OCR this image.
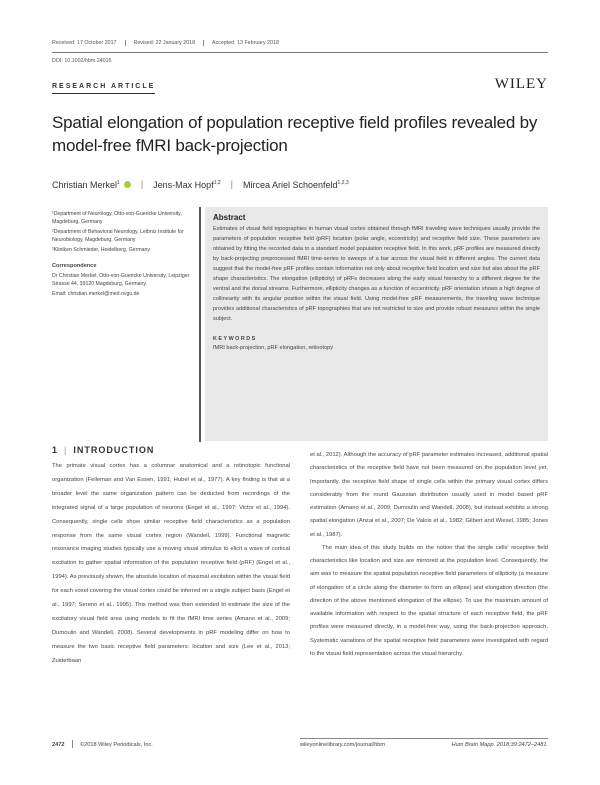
Received: 17 October 2017	Revised: 22 January 2018	Accepted: 13 February 2018
DOI: 10.1002/hbm.24015
RESEARCH ARTICLE	WILEY
Spatial elongation of population receptive field profiles revealed by model-free fMRI back-projection
Christian Merkel$^1$ | Jens-Max Hopf$^{1,2}$ | Mircea Ariel Schoenfeld$^{1,2,3}$

¹Department of Neurology, Otto-von-Guericke University, Magdeburg, Germany

²Department of Behavioral Neurology, Leibniz Institute for Neurobiology, Magdeburg, Germany

³Kliniken Schmieder, Heidelberg, Germany

Correspondence

Dr Christian Merkel, Otto-von-Guericke University, Leipziger Strasse 44, 39120 Magdeburg, Germany.

Email: christian.merkel@med.ovgu.de

Abstract

Estimates of visual field topographies in human visual cortex obtained through fMRI traveling wave techniques usually provide the parameters of population receptive field (pRF) location (polar angle, eccentricity) and receptive field size. These parameters are obtained by fitting the recorded data to a standard model population receptive field. In this work, pRF profiles are measured directly by back-projecting preprocessed fMRI time-series to sweeps of a bar across the visual field in different angles. The current data suggest that the model-free pRF profiles contain information not only about receptive field location and size but also about the pRF shape characteristics. The elongation (ellipticity) of pRFs decreases along the early visual hierarchy to a different degree for the ventral and the dorsal streams. Furthermore, ellipticity changes as a function of eccentricity. pRF orientation shows a high degree of collinearity with its angular position within the visual field. Using model-free pRF measurements, the traveling wave technique provides additional characteristics of pRF topographies that are not restricted to size and provide robust measures within the single subject.

KEYWORDS

fMRI back-projection, pRF elongation, retinotopy

1 | INTRODUCTION

The primate visual cortex has a columnar anatomical and a retinotopic functional organization (Felleman and Van Essen, 1991; Hubel et al., 1977). A key finding is that at a broader level the same organization pattern can be deducted from recordings of the integrated signal of a large population of neurons (Engel et al., 1997; Victor et al., 1994). Consequently, single cells show similar receptive field characteristics as a population response from the same visual cortex region (Wandell, 1999). Functional magnetic resonance imaging studies typically use a moving visual stimulus to elicit a wave of cortical excitation to gather spatial information of the population receptive field (pRF) (Engel et al., 1994). As previously shown, the absolute location of maximal excitation within the visual field for each voxel covering the visual cortex could be inferred on a single subject basis (Engel et al., 1997; Sereno et al., 1995). This method was then extended to estimate the size of the excitatory visual field area using models to fit the fMRI time series (Amano et al., 2009; Dumoulin and Wandell, 2008). Several developments in pRF modeling differ on how to measure the two basic receptive field parameters: location and size (Lee et al., 2013; Zuiderbaan

et al., 2012). Although the accuracy of pRF parameter estimates increased, additional spatial characteristics of the receptive field have not been measured on the population level yet. Importantly, the receptive field shape of single cells within the primary visual cortex differs considerably from the round Gaussian distribution usually used in model based pRF estimation (Amano et al., 2009; Dumoulin and Wandell, 2008), but instead exhibits a strong spatial elongation (Anzai et al., 2007; De Valois et al., 1982; Gilbert and Wiesel, 1985; Jones et al., 1987).

The main idea of this study builds on the notion that the single cells' receptive field characteristics like location and size are mirrored at the population level. Consequently, the aim was to measure the spatial population receptive field parameters of ellipticity (a measure of elongation of a circle along the diameter to form an ellipse) and elongation direction (the direction of the above mentioned elongation of the ellipse). To use the maximum amount of available information with respect to the spatial structure of each receptive field, the pRF profiles were measured directly, in a model-free way, using the back-projection approach. Systematic variations of the spatial receptive field parameters were investigated with regard to the visual field representation across the visual hierarchy.

2472	©2018 Wiley Periodicals, Inc.	wileyonlinelibrary.com/journal/hbm	Hum Brain Mapp. 2018;39:2472–2481.
